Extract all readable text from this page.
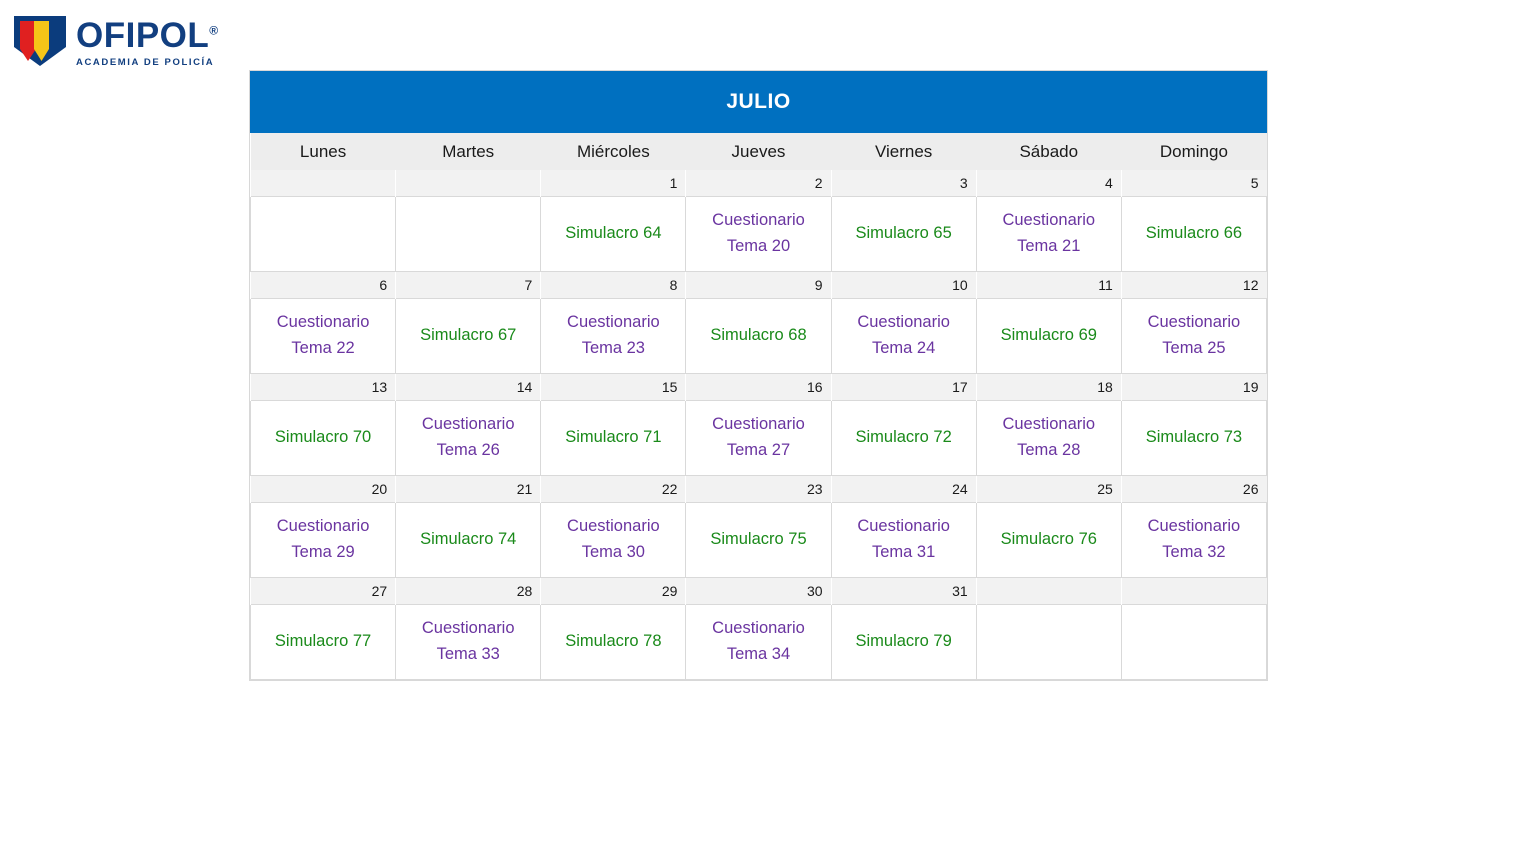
OFIPOL®
ACADEMIA DE POLICÍA
JULIO
Lunes	Martes	Miércoles	Jueves	Viernes	Sábado	Domingo
		1	2	3	4	5
		Simulacro 64	Cuestionario
Tema 20	Simulacro 65	Cuestionario
Tema 21	Simulacro 66
6	7	8	9	10	11	12
Cuestionario
Tema 22	Simulacro 67	Cuestionario
Tema 23	Simulacro 68	Cuestionario
Tema 24	Simulacro 69	Cuestionario
Tema 25
13	14	15	16	17	18	19
Simulacro 70	Cuestionario
Tema 26	Simulacro 71	Cuestionario
Tema 27	Simulacro 72	Cuestionario
Tema 28	Simulacro 73
20	21	22	23	24	25	26
Cuestionario
Tema 29	Simulacro 74	Cuestionario
Tema 30	Simulacro 75	Cuestionario
Tema 31	Simulacro 76	Cuestionario
Tema 32
27	28	29	30	31		
Simulacro 77	Cuestionario
Tema 33	Simulacro 78	Cuestionario
Tema 34	Simulacro 79		
